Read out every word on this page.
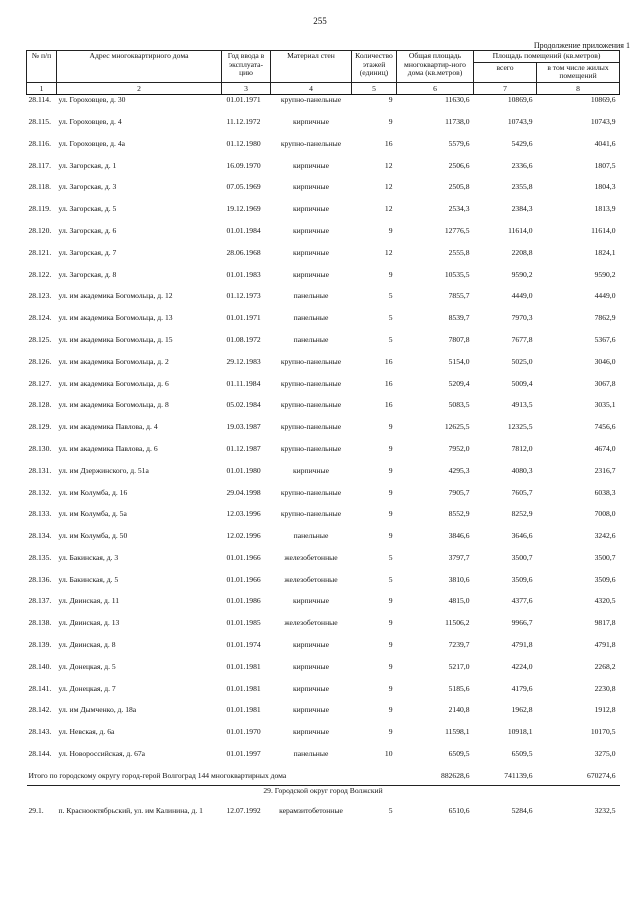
255
Продолжение приложения 1
№ п/п	Адрес многоквартирного дома	Год ввода в эксплуата-цию	Материал стен	Количество этажей (единиц)	Общая площадь многоквартир-ного дома (кв.метров)	Площадь помещений (кв.метров)	
						всего	в том числе жилых помещений
1	2	3	4	5	6	7	8
28.114.	ул. Гороховцев, д. 30	01.01.1971	крупно-панельные	9	11630,6	10869,6	10869,6
28.115.	ул. Гороховцев, д. 4	11.12.1972	кирпичные	9	11738,0	10743,9	10743,9
28.116.	ул. Гороховцев, д. 4а	01.12.1980	крупно-панельные	16	5579,6	5429,6	4041,6
28.117.	ул. Загорская, д. 1	16.09.1970	кирпичные	12	2506,6	2336,6	1807,5
28.118.	ул. Загорская, д. 3	07.05.1969	кирпичные	12	2505,8	2355,8	1804,3
28.119.	ул. Загорская, д. 5	19.12.1969	кирпичные	12	2534,3	2384,3	1813,9
28.120.	ул. Загорская, д. 6	01.01.1984	кирпичные	9	12776,5	11614,0	11614,0
28.121.	ул. Загорская, д. 7	28.06.1968	кирпичные	12	2555,8	2208,8	1824,1
28.122.	ул. Загорская, д. 8	01.01.1983	кирпичные	9	10535,5	9590,2	9590,2
28.123.	ул. им академика Богомольца, д. 12	01.12.1973	панельные	5	7855,7	4449,0	4449,0
28.124.	ул. им академика Богомольца, д. 13	01.01.1971	панельные	5	8539,7	7970,3	7862,9
28.125.	ул. им академика Богомольца, д. 15	01.08.1972	панельные	5	7807,8	7677,8	5367,6
28.126.	ул. им академика Богомольца, д. 2	29.12.1983	крупно-панельные	16	5154,0	5025,0	3046,0
28.127.	ул. им академика Богомольца, д. 6	01.11.1984	крупно-панельные	16	5209,4	5009,4	3067,8
28.128.	ул. им академика Богомольца, д. 8	05.02.1984	крупно-панельные	16	5083,5	4913,5	3035,1
28.129.	ул. им академика Павлова, д. 4	19.03.1987	крупно-панельные	9	12625,5	12325,5	7456,6
28.130.	ул. им академика Павлова, д. 6	01.12.1987	крупно-панельные	9	7952,0	7812,0	4674,0
28.131.	ул. им Дзержинского, д. 51а	01.01.1980	кирпичные	9	4295,3	4080,3	2316,7
28.132.	ул. им Колумба, д. 16	29.04.1998	крупно-панельные	9	7905,7	7605,7	6038,3
28.133.	ул. им Колумба, д. 5а	12.03.1996	крупно-панельные	9	8552,9	8252,9	7008,0
28.134.	ул. им Колумба, д. 50	12.02.1996	панельные	9	3846,6	3646,6	3242,6
28.135.	ул. Бакинская, д. 3	01.01.1966	железобетонные	5	3797,7	3500,7	3500,7
28.136.	ул. Бакинская, д. 5	01.01.1966	железобетонные	5	3810,6	3509,6	3509,6
28.137.	ул. Двинская, д. 11	01.01.1986	кирпичные	9	4815,0	4377,6	4320,5
28.138.	ул. Двинская, д. 13	01.01.1985	железобетонные	9	11506,2	9966,7	9817,8
28.139.	ул. Двинская, д. 8	01.01.1974	кирпичные	9	7239,7	4791,8	4791,8
28.140.	ул. Донецкая, д. 5	01.01.1981	кирпичные	9	5217,0	4224,0	2268,2
28.141.	ул. Донецкая, д. 7	01.01.1981	кирпичные	9	5185,6	4179,6	2230,8
28.142.	ул. им Дымченко, д. 18а	01.01.1981	кирпичные	9	2140,8	1962,8	1912,8
28.143.	ул. Невская, д. 6а	01.01.1970	кирпичные	9	11598,1	10918,1	10170,5
28.144.	ул. Новороссийская, д. 67а	01.01.1997	панельные	10	6509,5	6509,5	3275,0
Итого по городскому округу город-герой Волгоград 144 многоквартирных дома					882628,6	741139,6	670274,6
29. Городской округ город Волжский							
29.1.	п. Краснооктябрьский, ул. им Калинина, д. 1	12.07.1992	керамзитобетонные	5	6510,6	5284,6	3232,5
